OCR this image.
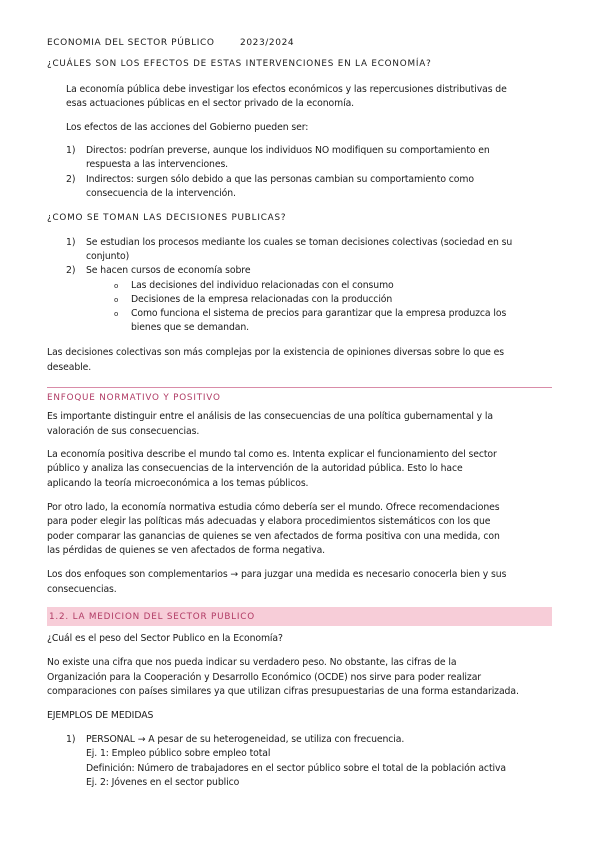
ECONOMIA DEL SECTOR PÚBLICO	2023/2024
¿CUÁLES SON LOS EFECTOS DE ESTAS INTERVENCIONES EN LA ECONOMÍA?
La economía pública debe investigar los efectos económicos y las repercusiones distributivas de
esas actuaciones públicas en el sector privado de la economía.
Los efectos de las acciones del Gobierno pueden ser:
1) Directos: podrían preverse, aunque los individuos NO modifiquen su comportamiento en
respuesta a las intervenciones.
2) Indirectos: surgen sólo debido a que las personas cambian su comportamiento como
consecuencia de la intervención.
¿COMO SE TOMAN LAS DECISIONES PUBLICAS?
1) Se estudian los procesos mediante los cuales se toman decisiones colectivas (sociedad en su
conjunto)
2) Se hacen cursos de economía sobre
o Las decisiones del individuo relacionadas con el consumo
o Decisiones de la empresa relacionadas con la producción
o Como funciona el sistema de precios para garantizar que la empresa produzca los
bienes que se demandan.
Las decisiones colectivas son más complejas por la existencia de opiniones diversas sobre lo que es
deseable.
ENFOQUE NORMATIVO Y POSITIVO
Es importante distinguir entre el análisis de las consecuencias de una política gubernamental y la
valoración de sus consecuencias.
La economía positiva describe el mundo tal como es. Intenta explicar el funcionamiento del sector
público y analiza las consecuencias de la intervención de la autoridad pública. Esto lo hace
aplicando la teoría microeconómica a los temas públicos.
Por otro lado, la economía normativa estudia cómo debería ser el mundo. Ofrece recomendaciones
para poder elegir las políticas más adecuadas y elabora procedimientos sistemáticos con los que
poder comparar las ganancias de quienes se ven afectados de forma positiva con una medida, con
las pérdidas de quienes se ven afectados de forma negativa.
Los dos enfoques son complementarios → para juzgar una medida es necesario conocerla bien y sus
consecuencias.
1.2. LA MEDICION DEL SECTOR PUBLICO
¿Cuál es el peso del Sector Publico en la Economía?
No existe una cifra que nos pueda indicar su verdadero peso. No obstante, las cifras de la
Organización para la Cooperación y Desarrollo Económico (OCDE) nos sirve para poder realizar
comparaciones con países similares ya que utilizan cifras presupuestarias de una forma estandarizada.
EJEMPLOS DE MEDIDAS
1) PERSONAL → A pesar de su heterogeneidad, se utiliza con frecuencia.
Ej. 1: Empleo público sobre empleo total
Definición: Número de trabajadores en el sector público sobre el total de la población activa
Ej. 2: Jóvenes en el sector publico
